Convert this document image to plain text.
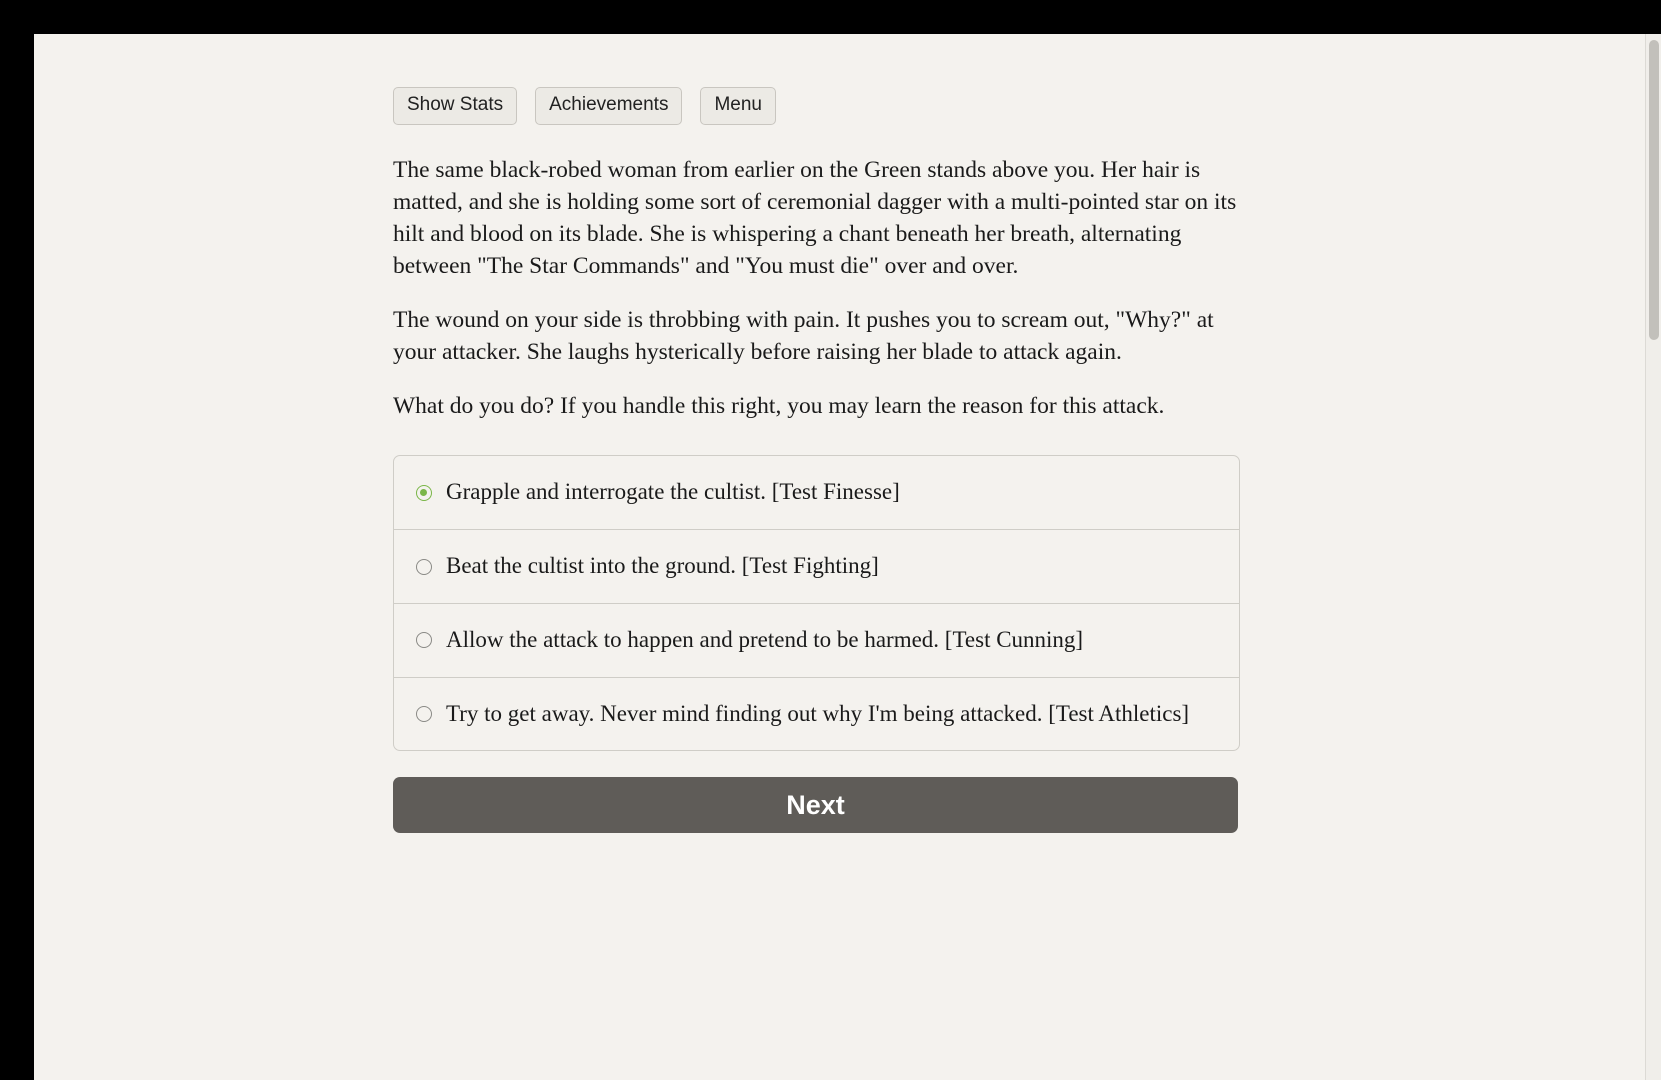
Show Stats	Achievements	Menu

The same black-robed woman from earlier on the Green stands above you. Her hair is matted, and she is holding some sort of ceremonial dagger with a multi-pointed star on its hilt and blood on its blade. She is whispering a chant beneath her breath, alternating between "The Star Commands" and "You must die" over and over.

The wound on your side is throbbing with pain. It pushes you to scream out, "Why?" at your attacker. She laughs hysterically before raising her blade to attack again.

What do you do? If you handle this right, you may learn the reason for this attack.

Grapple and interrogate the cultist. [Test Finesse]
Beat the cultist into the ground. [Test Fighting]
Allow the attack to happen and pretend to be harmed. [Test Cunning]
Try to get away. Never mind finding out why I'm being attacked. [Test Athletics]
Next
